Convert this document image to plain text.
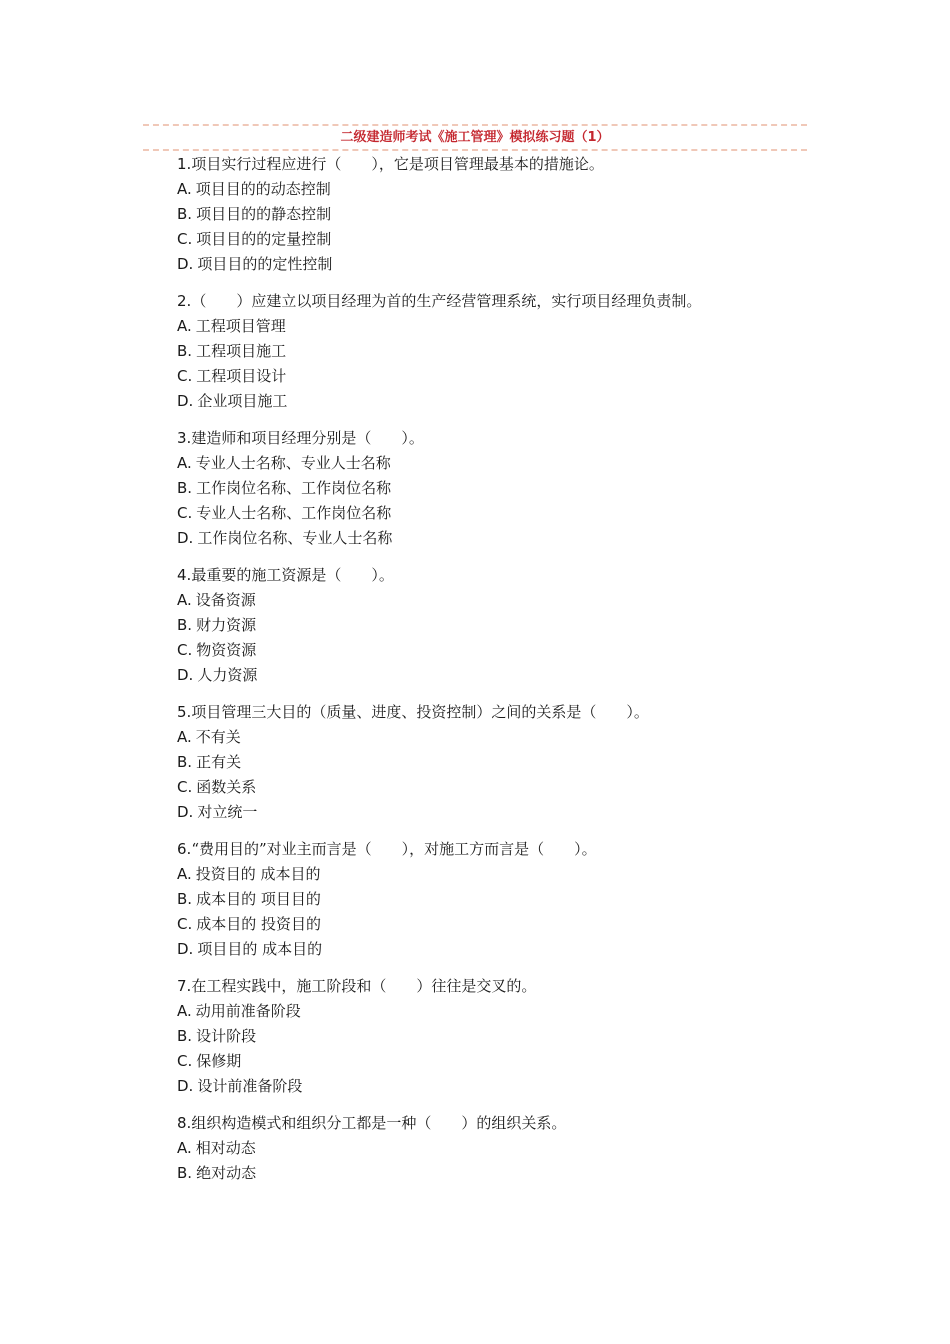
二级建造师考试《施工管理》模拟练习题（1）
1.项目实行过程应进行（　　），它是项目管理最基本的措施论。
A. 项目目的的动态控制
B. 项目目的的静态控制
C. 项目目的的定量控制
D. 项目目的的定性控制
2.（　　）应建立以项目经理为首的生产经营管理系统，实行项目经理负责制。
A. 工程项目管理
B. 工程项目施工
C. 工程项目设计
D. 企业项目施工
3.建造师和项目经理分别是（　　）。
A. 专业人士名称、专业人士名称
B. 工作岗位名称、工作岗位名称
C. 专业人士名称、工作岗位名称
D. 工作岗位名称、专业人士名称
4.最重要的施工资源是（　　）。
A. 设备资源
B. 财力资源
C. 物资资源
D. 人力资源
5.项目管理三大目的（质量、进度、投资控制）之间的关系是（　　）。
A. 不有关
B. 正有关
C. 函数关系
D. 对立统一
6.“费用目的”对业主而言是（　　），对施工方而言是（　　）。
A. 投资目的 成本目的
B. 成本目的 项目目的
C. 成本目的 投资目的
D. 项目目的 成本目的
7.在工程实践中，施工阶段和（　　）往往是交叉的。
A. 动用前准备阶段
B. 设计阶段
C. 保修期
D. 设计前准备阶段
8.组织构造模式和组织分工都是一种（　　）的组织关系。
A. 相对动态
B. 绝对动态
